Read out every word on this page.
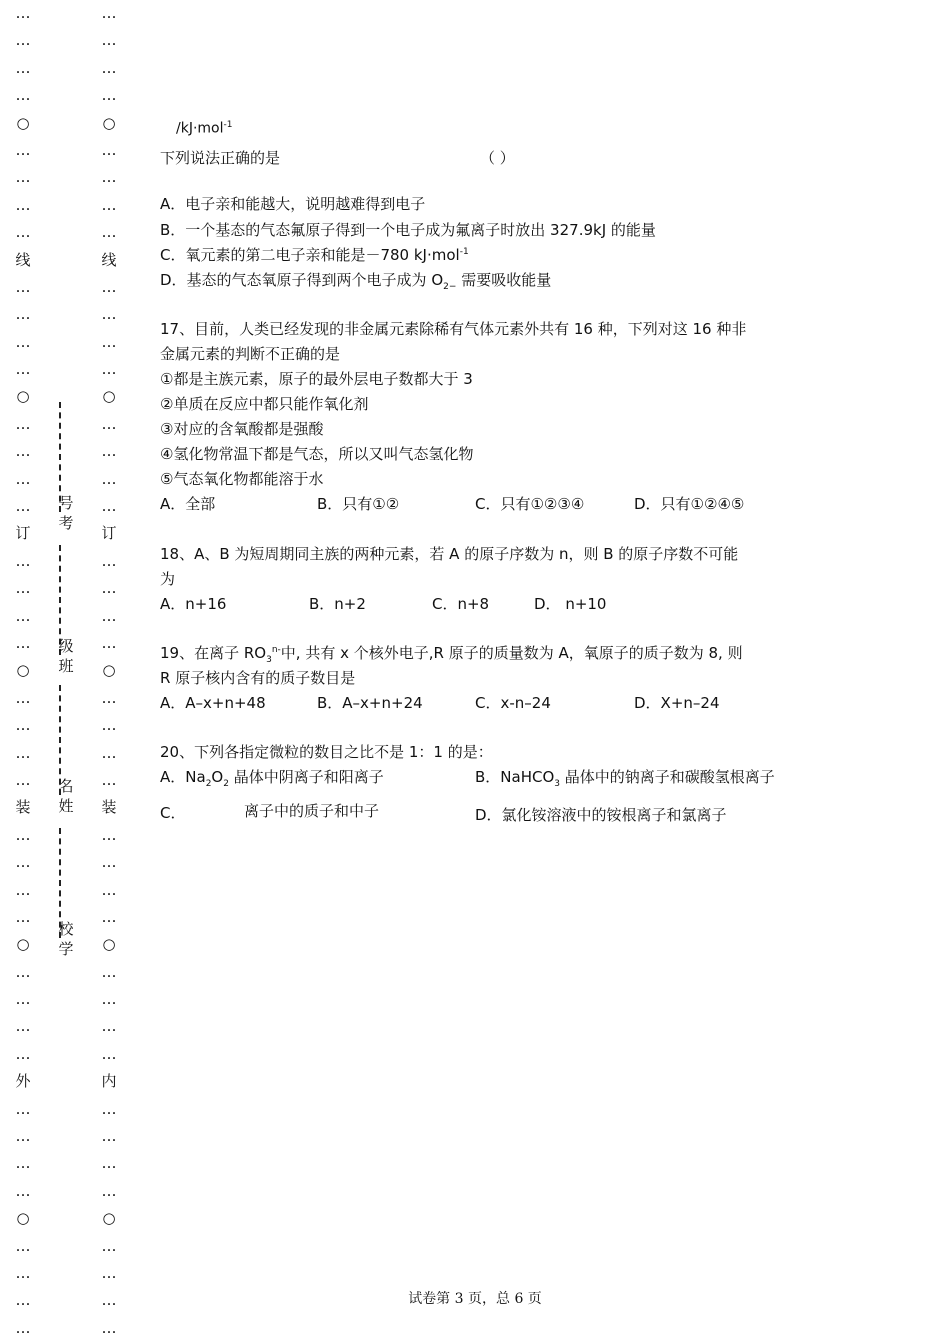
…
…
…
…
○
…
…
…
…
线
…
…
…
…
○
…
…
…
…
订
…
…
…
…
○
…
…
…
…
装
…
…
…
…
○
…
…
…
…
外
…
…
…
…
○
…
…
…
…
…
…
…
…
○
…
…
…
…
线
…
…
…
…
○
…
…
…
…
订
…
…
…
…
○
…
…
…
…
装
…
…
…
…
○
…
…
…
…
内
…
…
…
…
○
…
…
…
…
号
考
级
班
名
姓
校
学
/kJ·mol$^{-1}$
下列说法正确的是	（ ）
A．电子亲和能越大，说明越难得到电子
B．一个基态的气态氟原子得到一个电子成为氟离子时放出 327.9kJ 的能量
C．氧元素的第二电子亲和能是－780 kJ·mol$^{-1}$
D．基态的气态氧原子得到两个电子成为 $O_{2-}$ 需要吸收能量
17、目前，人类已经发现的非金属元素除稀有气体元素外共有 16 种，下列对这 16 种非
金属元素的判断不正确的是
①都是主族元素，原子的最外层电子数都大于 3
②单质在反应中都只能作氧化剂
③对应的含氧酸都是强酸
④氢化物常温下都是气态，所以又叫气态氢化物
⑤气态氧化物都能溶于水
A．全部	B．只有①②	C．只有①②③④	D．只有①②④⑤
18、A、B 为短周期同主族的两种元素，若 A 的原子序数为 n，则 B 的原子序数不可能
为
A．n+16	B．n+2	C．n+8	D． n+10
19、在离子 $RO_3^{n-}$中, 共有 x 个核外电子,R 原子的质量数为 A，氧原子的质子数为 8, 则
R 原子核内含有的质子数目是
A．A–x+n+48	B．A–x+n+24	C．x-n–24	D．X+n–24
20、下列各指定微粒的数目之比不是 1：1 的是：
A．$Na_2O_2$ 晶体中阴离子和阳离子	B．NaHCO$_3$ 晶体中的钠离子和碳酸氢根离子
C．	离子中的质子和中子	D．氯化铵溶液中的铵根离子和氯离子
试卷第 3 页，总 6 页
